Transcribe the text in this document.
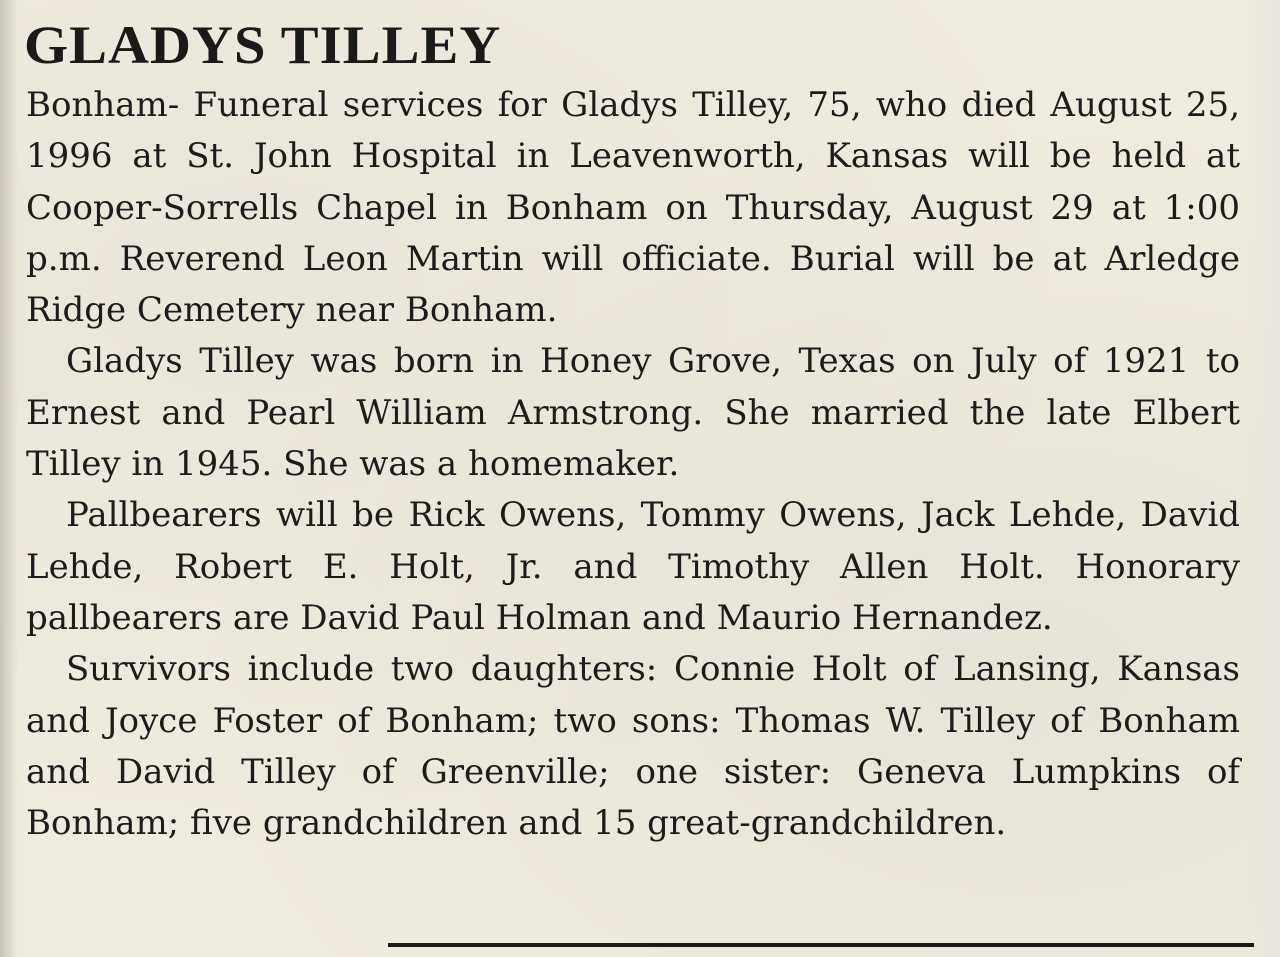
GLADYS TILLEY

Bonham- Funeral services for Gladys Tilley, 75, who died August 25, 1996 at St. John Hospital in Leavenworth, Kansas will be held at Cooper-Sorrells Chapel in Bonham on Thursday, August 29 at 1:00 p.m. Reverend Leon Martin will officiate. Burial will be at Arledge Ridge Cemetery near Bonham.

Gladys Tilley was born in Honey Grove, Texas on July of 1921 to Ernest and Pearl William Armstrong. She married the late Elbert Tilley in 1945. She was a homemaker.

Pallbearers will be Rick Owens, Tommy Owens, Jack Lehde, David Lehde, Robert E. Holt, Jr. and Timothy Allen Holt. Honorary pallbearers are David Paul Holman and Maurio Hernandez.

Survivors include two daughters: Connie Holt of Lansing, Kansas and Joyce Foster of Bonham; two sons: Thomas W. Tilley of Bonham and David Tilley of Greenville; one sister: Geneva Lumpkins of Bonham; five grandchildren and 15 great-grandchildren.
